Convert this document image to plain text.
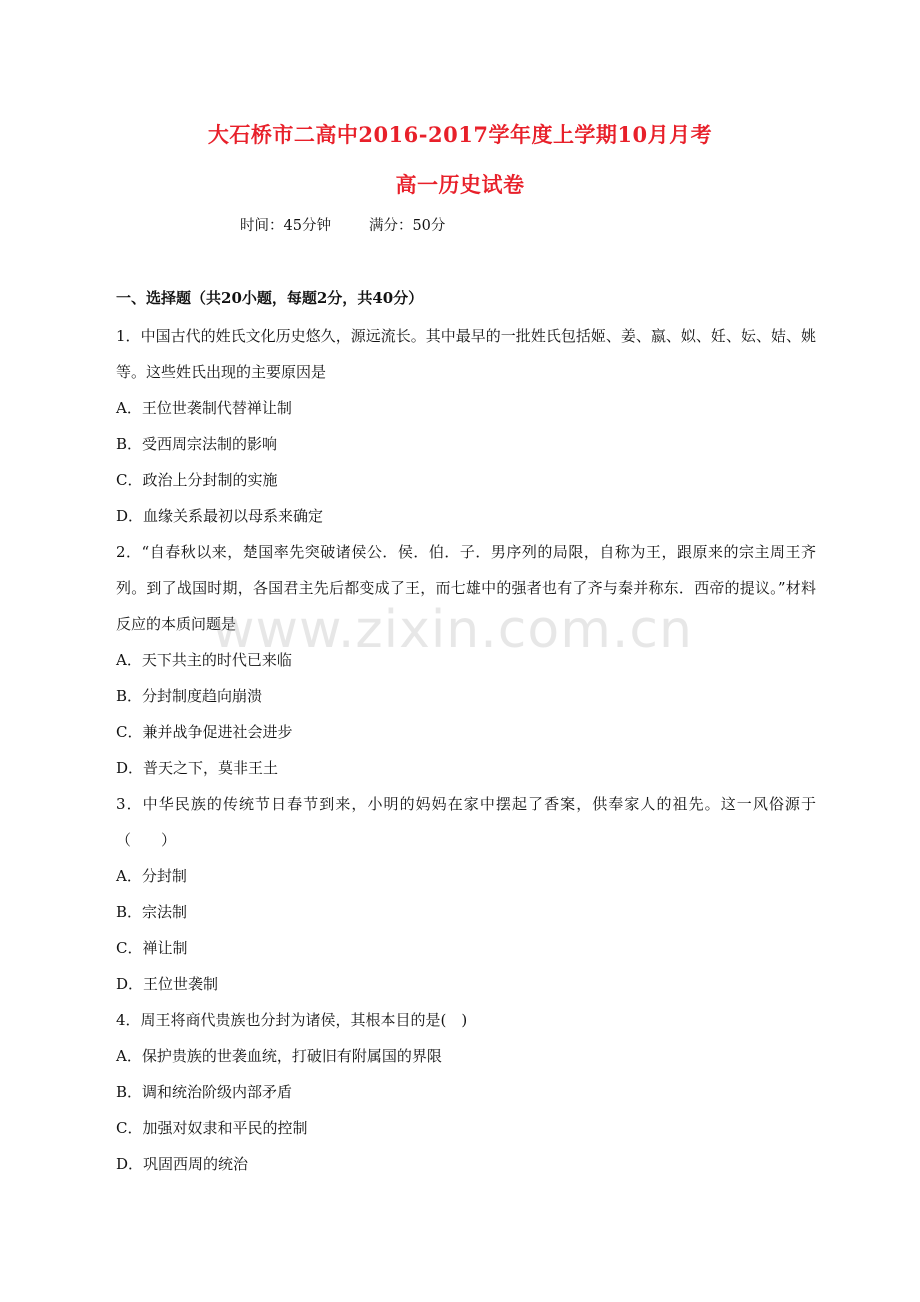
大石桥市二高中2016-2017学年度上学期10月月考
高一历史试卷
时间：45分钟	满分：50分
一、选择题（共20小题，每题2分，共40分）
1．中国古代的姓氏文化历史悠久，源远流长。其中最早的一批姓氏包括姬、姜、嬴、姒、妊、妘、姞、姚等。这些姓氏出现的主要原因是
A．王位世袭制代替禅让制
B．受西周宗法制的影响
C．政治上分封制的实施
D．血缘关系最初以母系来确定
2．“自春秋以来，楚国率先突破诸侯公．侯．伯．子．男序列的局限，自称为王，跟原来的宗主周王齐列。到了战国时期，各国君主先后都变成了王，而七雄中的强者也有了齐与秦并称东．西帝的提议。”材料反应的本质问题是
A．天下共主的时代已来临
B．分封制度趋向崩溃
C．兼并战争促进社会进步
D．普天之下，莫非王土
3．中华民族的传统节日春节到来，小明的妈妈在家中摆起了香案，供奉家人的祖先。这一风俗源于（　　）
A．分封制
B．宗法制
C．禅让制
D．王位世袭制
4．周王将商代贵族也分封为诸侯，其根本目的是(　)
A．保护贵族的世袭血统，打破旧有附属国的界限
B．调和统治阶级内部矛盾
C．加强对奴隶和平民的控制
D．巩固西周的统治
www.zixin.com.cn
